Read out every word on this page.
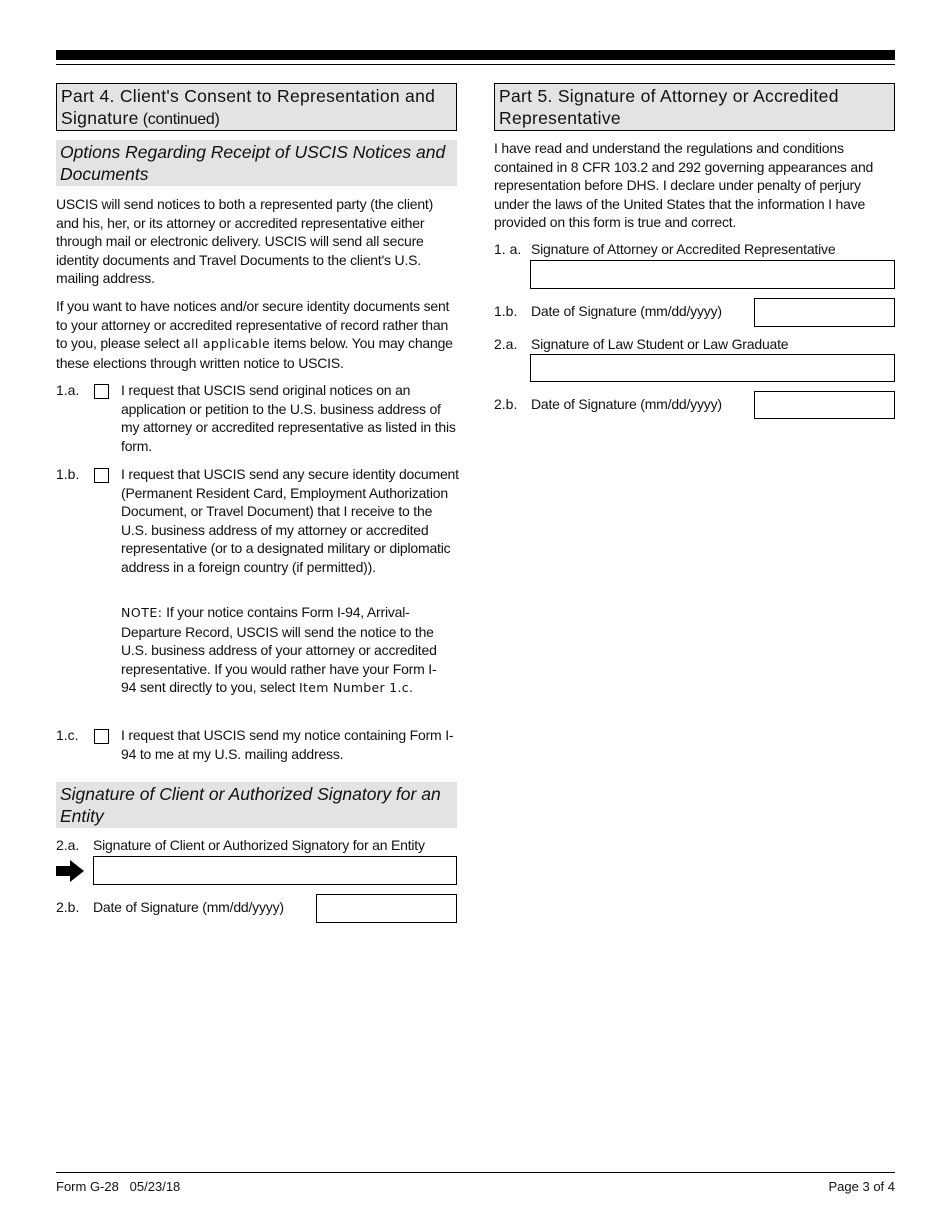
Part 4. Client's Consent to Representation and Signature (continued)
Options Regarding Receipt of USCIS Notices and Documents
USCIS will send notices to both a represented party (the client) and his, her, or its attorney or accredited representative either through mail or electronic delivery. USCIS will send all secure identity documents and Travel Documents to the client's U.S. mailing address.
If you want to have notices and/or secure identity documents sent to your attorney or accredited representative of record rather than to you, please select all applicable items below. You may change these elections through written notice to USCIS.
1.a.	I request that USCIS send original notices on an application or petition to the U.S. business address of my attorney or accredited representative as listed in this form.
1.b.	I request that USCIS send any secure identity document (Permanent Resident Card, Employment Authorization Document, or Travel Document) that I receive to the U.S. business address of my attorney or accredited representative (or to a designated military or diplomatic address in a foreign country (if permitted)).
NOTE: If your notice contains Form I-94, Arrival-Departure Record, USCIS will send the notice to the U.S. business address of your attorney or accredited representative. If you would rather have your Form I-94 sent directly to you, select Item Number 1.c.
1.c.	I request that USCIS send my notice containing Form I-94 to me at my U.S. mailing address.
Signature of Client or Authorized Signatory for an Entity
2.a. Signature of Client or Authorized Signatory for an Entity
2.b. Date of Signature (mm/dd/yyyy)
Part 5. Signature of Attorney or Accredited Representative
I have read and understand the regulations and conditions contained in 8 CFR 103.2 and 292 governing appearances and representation before DHS. I declare under penalty of perjury under the laws of the United States that the information I have provided on this form is true and correct.
1. a. Signature of Attorney or Accredited Representative
1.b. Date of Signature (mm/dd/yyyy)
2.a. Signature of Law Student or Law Graduate
2.b. Date of Signature (mm/dd/yyyy)
Form G-28   05/23/18	Page 3 of 4
